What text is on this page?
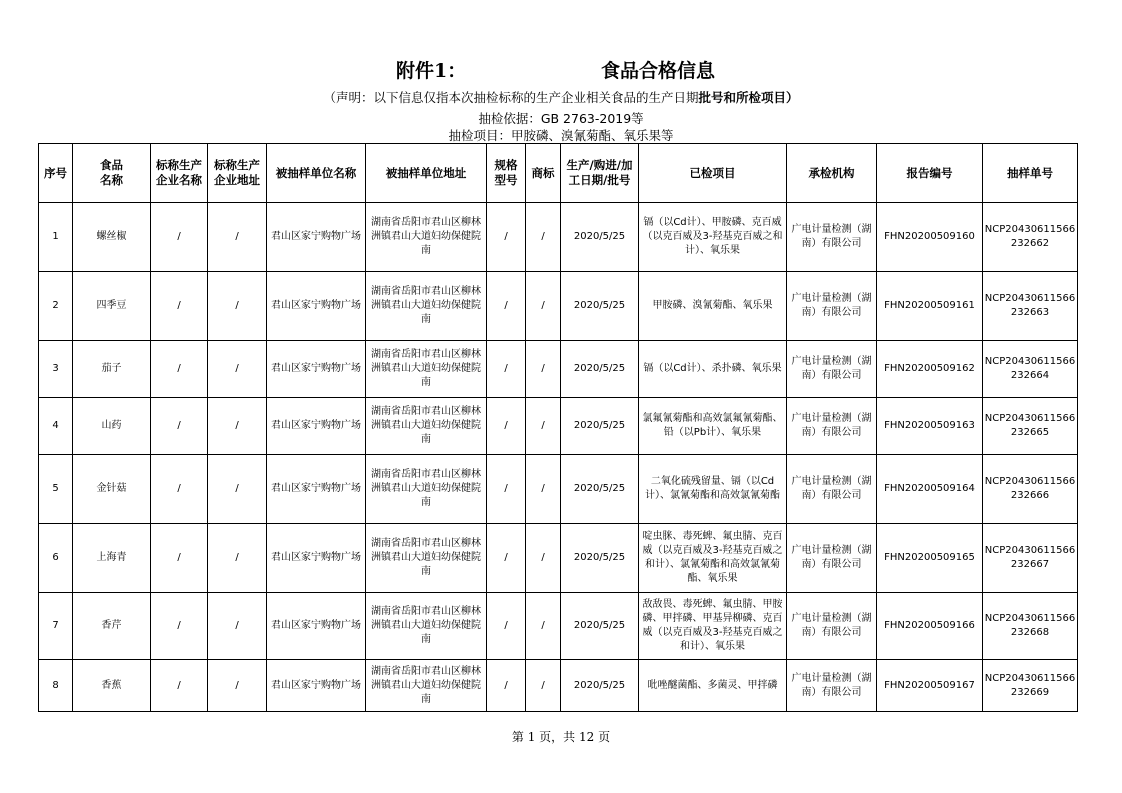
附件1：	食品合格信息
（声明：以下信息仅指本次抽检标称的生产企业相关食品的生产日期批号和所检项目）
抽检依据：GB 2763-2019等
抽检项目：甲胺磷、溴氰菊酯、氧乐果等
序号	食品名称	标称生产企业名称	标称生产企业地址	被抽样单位名称	被抽样单位地址	规格型号	商标	生产/购进/加工日期/批号	已检项目	承检机构	报告编号	抽样单号
1	螺丝椒	/	/	君山区家宁购物广场	湖南省岳阳市君山区柳林洲镇君山大道妇幼保健院南	/	/	2020/5/25	镉（以Cd计）、甲胺磷、克百威（以克百威及3-羟基克百威之和计）、氧乐果	广电计量检测（湖南）有限公司	FHN20200509160	NCP20430611566232662
2	四季豆	/	/	君山区家宁购物广场	湖南省岳阳市君山区柳林洲镇君山大道妇幼保健院南	/	/	2020/5/25	甲胺磷、溴氰菊酯、氧乐果	广电计量检测（湖南）有限公司	FHN20200509161	NCP20430611566232663
3	茄子	/	/	君山区家宁购物广场	湖南省岳阳市君山区柳林洲镇君山大道妇幼保健院南	/	/	2020/5/25	镉（以Cd计）、杀扑磷、氧乐果	广电计量检测（湖南）有限公司	FHN20200509162	NCP20430611566232664
4	山药	/	/	君山区家宁购物广场	湖南省岳阳市君山区柳林洲镇君山大道妇幼保健院南	/	/	2020/5/25	氯氟氰菊酯和高效氯氟氰菊酯、铅（以Pb计）、氧乐果	广电计量检测（湖南）有限公司	FHN20200509163	NCP20430611566232665
5	金针菇	/	/	君山区家宁购物广场	湖南省岳阳市君山区柳林洲镇君山大道妇幼保健院南	/	/	2020/5/25	二氧化硫残留量、镉（以Cd计）、氯氰菊酯和高效氯氰菊酯	广电计量检测（湖南）有限公司	FHN20200509164	NCP20430611566232666
6	上海青	/	/	君山区家宁购物广场	湖南省岳阳市君山区柳林洲镇君山大道妇幼保健院南	/	/	2020/5/25	啶虫脒、毒死蜱、氟虫腈、克百威（以克百威及3-羟基克百威之和计）、氯氰菊酯和高效氯氰菊酯、氧乐果	广电计量检测（湖南）有限公司	FHN20200509165	NCP20430611566232667
7	香芹	/	/	君山区家宁购物广场	湖南省岳阳市君山区柳林洲镇君山大道妇幼保健院南	/	/	2020/5/25	敌敌畏、毒死蜱、氟虫腈、甲胺磷、甲拌磷、甲基异柳磷、克百威（以克百威及3-羟基克百威之和计）、氧乐果	广电计量检测（湖南）有限公司	FHN20200509166	NCP20430611566232668
8	香蕉	/	/	君山区家宁购物广场	湖南省岳阳市君山区柳林洲镇君山大道妇幼保健院南	/	/	2020/5/25	吡唑醚菌酯、多菌灵、甲拌磷	广电计量检测（湖南）有限公司	FHN20200509167	NCP20430611566232669
第 1 页，共 12 页
